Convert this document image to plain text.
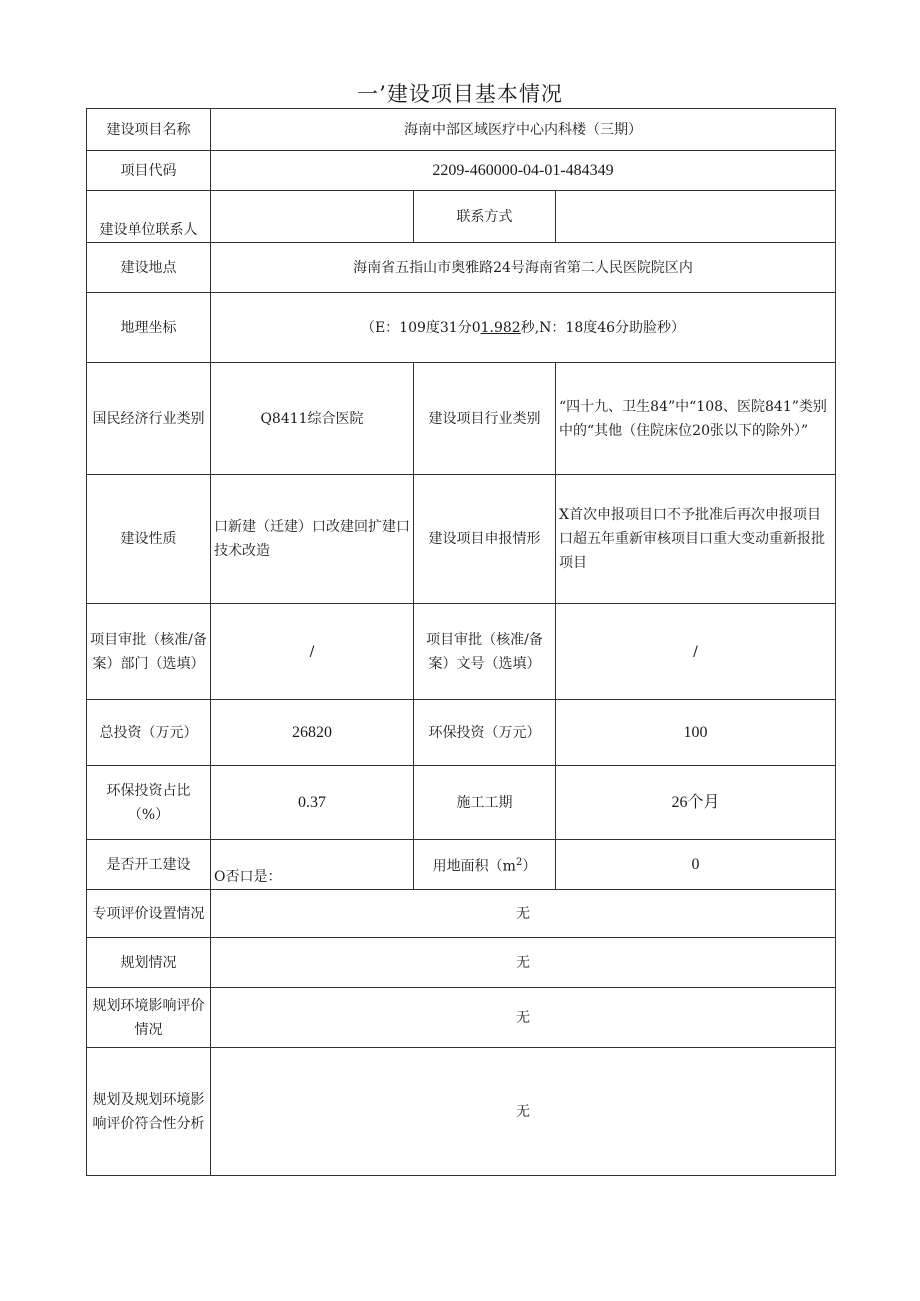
一’建设项目基本情况
建设项目名称	海南中部区域医疗中心内科楼（三期）		
项目代码	2209-460000-04-01-484349		
建设单位联系人		联系方式	
建设地点	海南省五指山市奥雅路24号海南省第二人民医院院区内		
地理坐标	（E：109度31分01.982秒,N：18度46分助脸秒）		
国民经济行业类别	Q8411综合医院	建设项目行业类别	“四十九、卫生84”中“108、医院841”类别中的“其他（住院床位20张以下的除外）”
建设性质	口新建（迁建）口改建回扩建口技术改造	建设项目申报情形	X首次申报项目口不予批准后再次申报项目口超五年重新审核项目口重大变动重新报批项目
项目审批（核准/备案）部门（选填）	/	项目审批（核准/备案）文号（选填）	/
总投资（万元）	26820	环保投资（万元）	100
环保投资占比（%）	0.37	施工工期	26个月
是否开工建设	O否口是：	用地面积$(m^2)$	0
专项评价设置情况	无		
规划情况	无		
规划环境影响评价情况	无		
规划及规划环境影响评价符合性分析	无		
